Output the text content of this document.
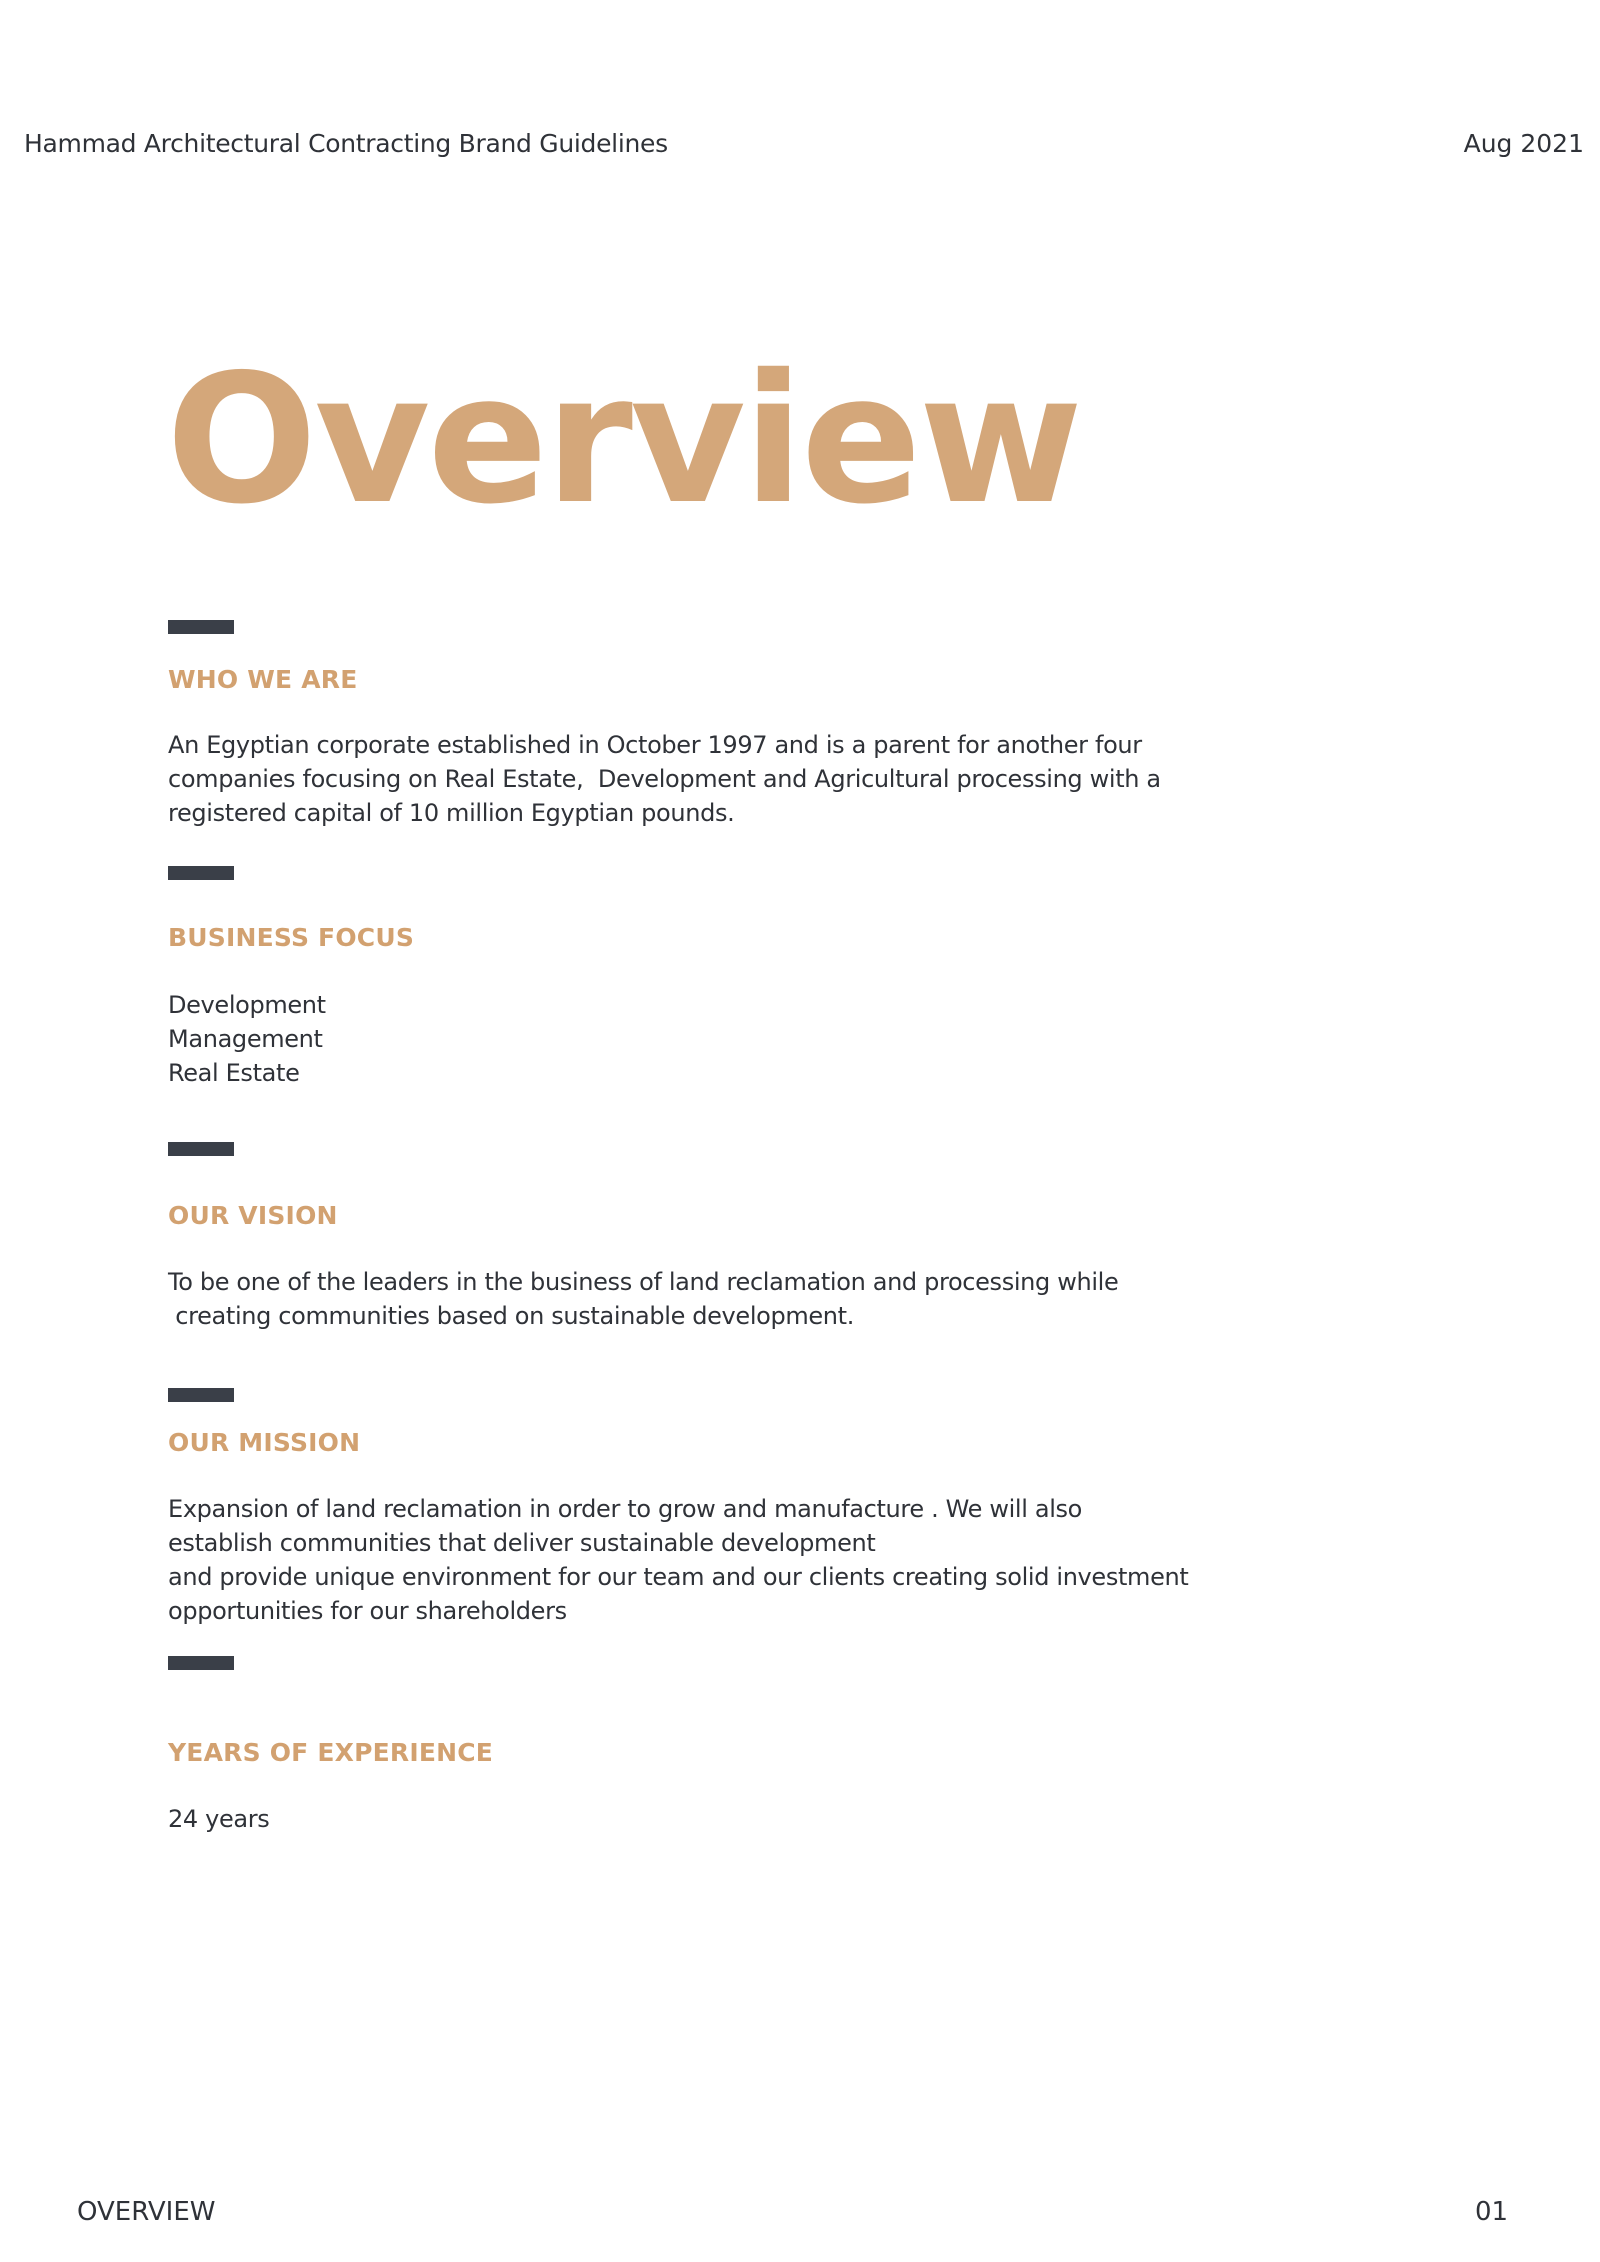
Hammad Architectural Contracting Brand Guidelines	Aug 2021
Overview
WHO WE ARE
An Egyptian corporate established in October 1997 and is a parent for another four
companies focusing on Real Estate,  Development and Agricultural processing with a
registered capital of 10 million Egyptian pounds.
BUSINESS FOCUS
Development
Management
Real Estate
OUR VISION
To be one of the leaders in the business of land reclamation and processing while
creating communities based on sustainable development.
OUR MISSION
Expansion of land reclamation in order to grow and manufacture . We will also
establish communities that deliver sustainable development
and provide unique environment for our team and our clients creating solid investment
opportunities for our shareholders
YEARS OF EXPERIENCE
24 years
OVERVIEW	01
